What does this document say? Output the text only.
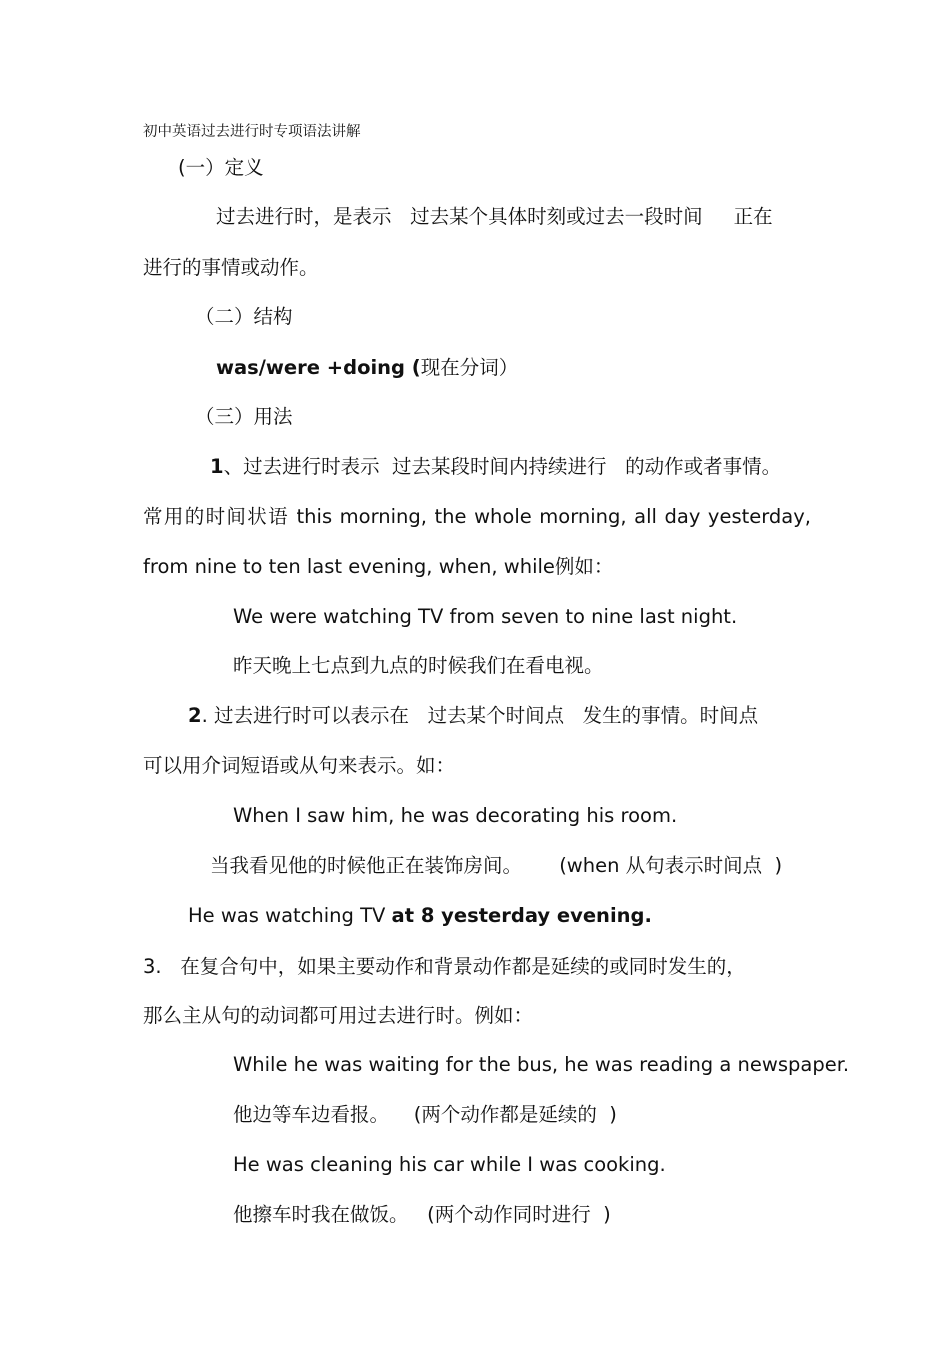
初中英语过去进行时专项语法讲解
(一）定义
过去进行时，是表示   过去某个具体时刻或过去一段时间     正在
进行的事情或动作。
（二）结构
was/were +doing (现在分词）
（三）用法
1、过去进行时表示  过去某段时间内持续进行   的动作或者事情。
常用的时间状语 this morning, the whole morning, all day yesterday,
from nine to ten last evening, when, while例如：
We were watching TV from seven to nine last night.
昨天晚上七点到九点的时候我们在看电视。
2. 过去进行时可以表示在   过去某个时间点   发生的事情。时间点
可以用介词短语或从句来表示。如：
When I saw him, he was decorating his room.
当我看见他的时候他正在装饰房间。      (when 从句表示时间点  )
He was watching TV at 8 yesterday evening.
3.   在复合句中，如果主要动作和背景动作都是延续的或同时发生的，
那么主从句的动词都可用过去进行时。例如：
While he was waiting for the bus, he was reading a newspaper.
他边等车边看报。    (两个动作都是延续的  )
He was cleaning his car while I was cooking.
他擦车时我在做饭。   (两个动作同时进行  )
